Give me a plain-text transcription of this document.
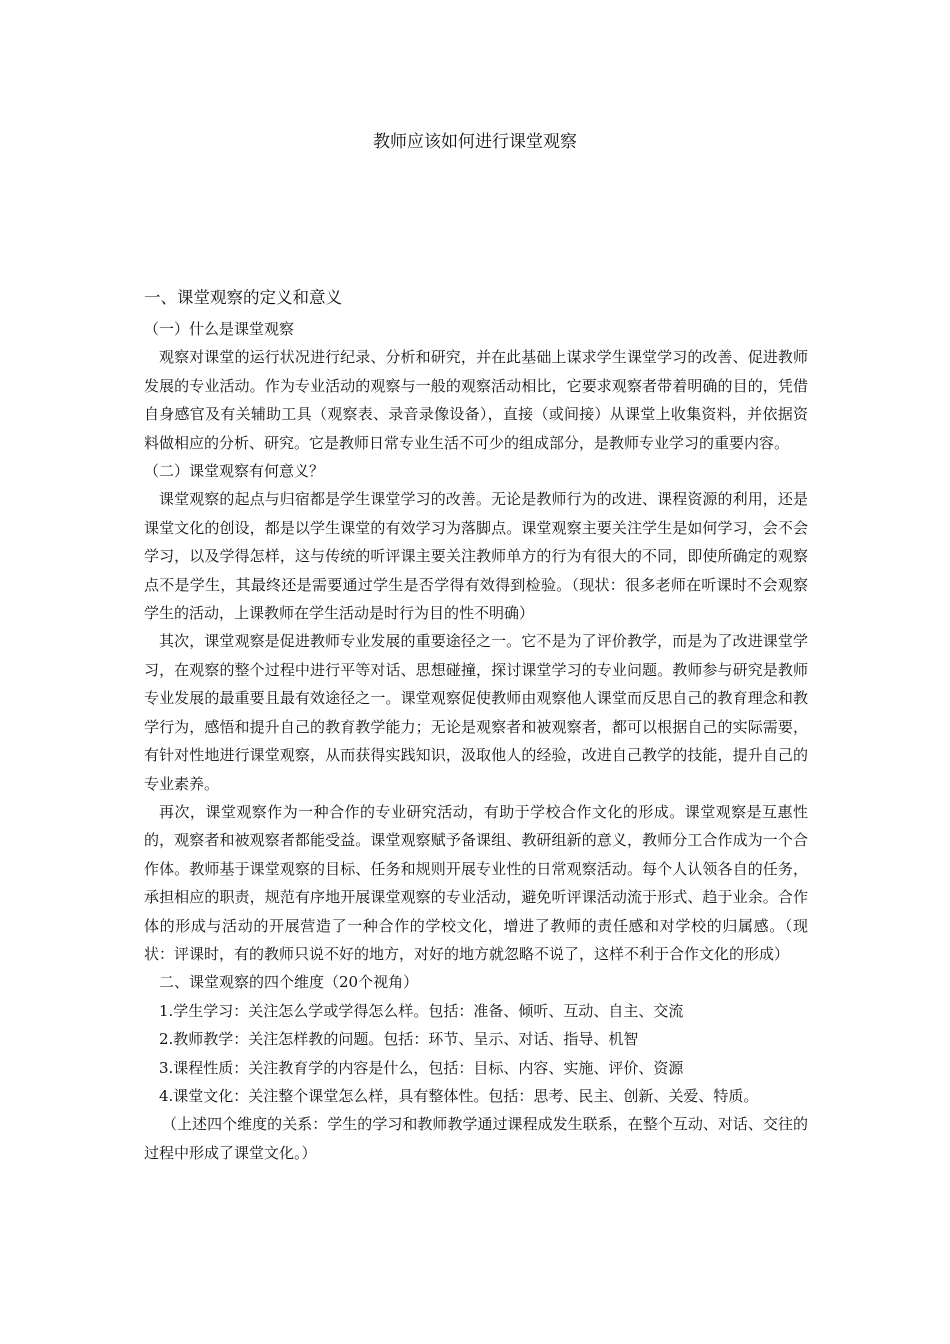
教师应该如何进行课堂观察

一、课堂观察的定义和意义

（一）什么是课堂观察

观察对课堂的运行状况进行纪录、分析和研究，并在此基础上谋求学生课堂学习的改善、促进教师发展的专业活动。作为专业活动的观察与一般的观察活动相比，它要求观察者带着明确的目的，凭借自身感官及有关辅助工具（观察表、录音录像设备），直接（或间接）从课堂上收集资料，并依据资料做相应的分析、研究。它是教师日常专业生活不可少的组成部分，是教师专业学习的重要内容。

（二）课堂观察有何意义？

课堂观察的起点与归宿都是学生课堂学习的改善。无论是教师行为的改进、课程资源的利用，还是课堂文化的创设，都是以学生课堂的有效学习为落脚点。课堂观察主要关注学生是如何学习，会不会学习，以及学得怎样，这与传统的听评课主要关注教师单方的行为有很大的不同，即使所确定的观察点不是学生，其最终还是需要通过学生是否学得有效得到检验。（现状：很多老师在听课时不会观察学生的活动，上课教师在学生活动是时行为目的性不明确）

其次，课堂观察是促进教师专业发展的重要途径之一。它不是为了评价教学，而是为了改进课堂学习，在观察的整个过程中进行平等对话、思想碰撞，探讨课堂学习的专业问题。教师参与研究是教师专业发展的最重要且最有效途径之一。课堂观察促使教师由观察他人课堂而反思自己的教育理念和教学行为，感悟和提升自己的教育教学能力；无论是观察者和被观察者，都可以根据自己的实际需要，有针对性地进行课堂观察，从而获得实践知识，汲取他人的经验，改进自己教学的技能，提升自己的专业素养。

再次，课堂观察作为一种合作的专业研究活动，有助于学校合作文化的形成。课堂观察是互惠性的，观察者和被观察者都能受益。课堂观察赋予备课组、教研组新的意义，教师分工合作成为一个合作体。教师基于课堂观察的目标、任务和规则开展专业性的日常观察活动。每个人认领各自的任务，承担相应的职责，规范有序地开展课堂观察的专业活动，避免听评课活动流于形式、趋于业余。合作体的形成与活动的开展营造了一种合作的学校文化，增进了教师的责任感和对学校的归属感。（现状：评课时，有的教师只说不好的地方，对好的地方就忽略不说了，这样不利于合作文化的形成）

二、课堂观察的四个维度（20个视角）

1.学生学习：关注怎么学或学得怎么样。包括：准备、倾听、互动、自主、交流

2.教师教学：关注怎样教的问题。包括：环节、呈示、对话、指导、机智

3.课程性质：关注教育学的内容是什么，包括：目标、内容、实施、评价、资源

4.课堂文化：关注整个课堂怎么样，具有整体性。包括：思考、民主、创新、关爱、特质。

（上述四个维度的关系：学生的学习和教师教学通过课程成发生联系，在整个互动、对话、交往的过程中形成了课堂文化。）
